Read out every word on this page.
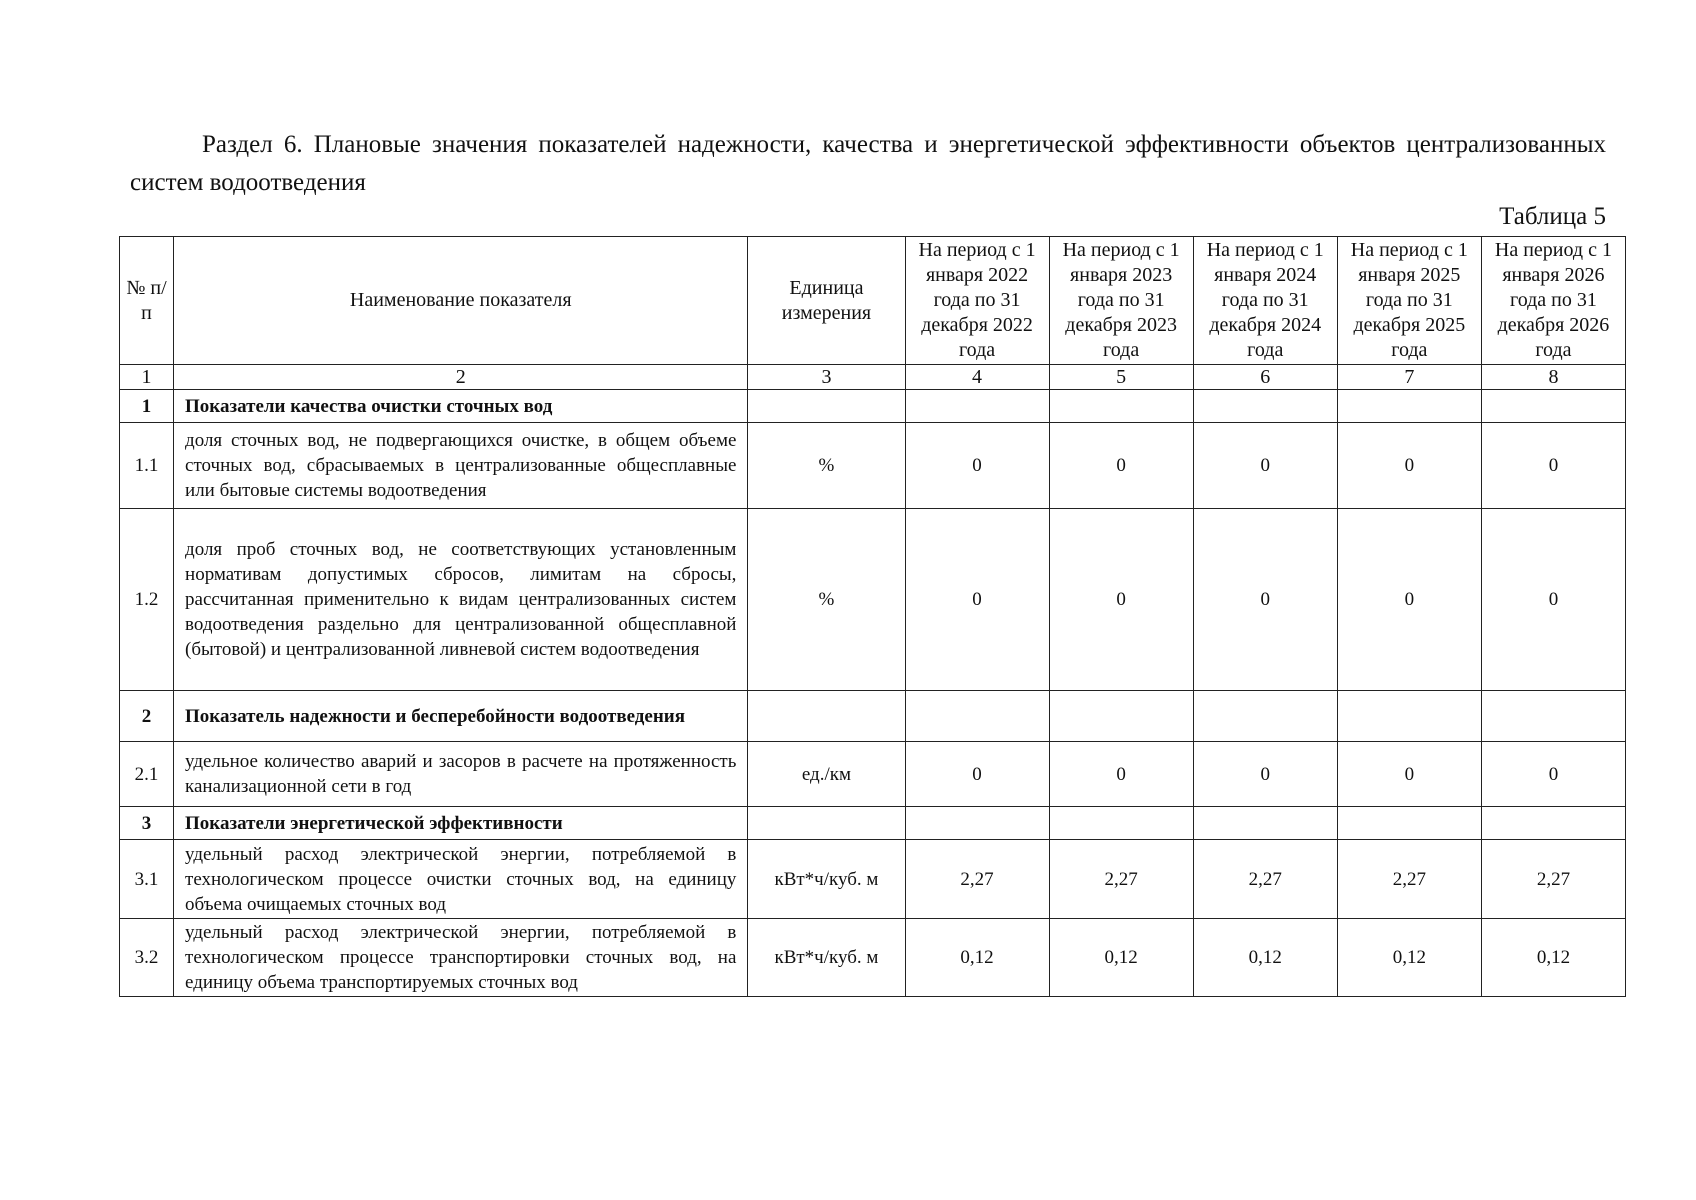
Раздел 6. Плановые значения показателей надежности, качества и энергетической эффективности объектов централизованных систем водоотведения

Таблица 5

№ п/п	Наименование показателя	Единица измерения	На период с 1 января 2022 года по 31 декабря 2022 года	На период с 1 января 2023 года по 31 декабря 2023 года	На период с 1 января 2024 года по 31 декабря 2024 года	На период с 1 января 2025 года по 31 декабря 2025 года	На период с 1 января 2026 года по 31 декабря 2026 года
1	2	3	4	5	6	7	8
1	Показатели качества очистки сточных вод						
1.1	доля сточных вод, не подвергающихся очистке, в общем объеме сточных вод, сбрасываемых в централизованные общесплавные или бытовые системы водоотведения	%	0	0	0	0	0
1.2	доля проб сточных вод, не соответствующих установленным нормативам допустимых сбросов, лимитам на сбросы, рассчитанная применительно к видам централизованных систем водоотведения раздельно для централизованной общесплавной (бытовой) и централизованной ливневой систем водоотведения	%	0	0	0	0	0
2	Показатель надежности и бесперебойности водоотведения						
2.1	удельное количество аварий и засоров в расчете на протяженность канализационной сети в год	ед./км	0	0	0	0	0
3	Показатели энергетической эффективности						
3.1	удельный расход электрической энергии, потребляемой в технологическом процессе очистки сточных вод, на единицу объема очищаемых сточных вод	кВт*ч/куб. м	2,27	2,27	2,27	2,27	2,27
3.2	удельный расход электрической энергии, потребляемой в технологическом процессе транспортировки сточных вод, на единицу объема транспортируемых сточных вод	кВт*ч/куб. м	0,12	0,12	0,12	0,12	0,12
